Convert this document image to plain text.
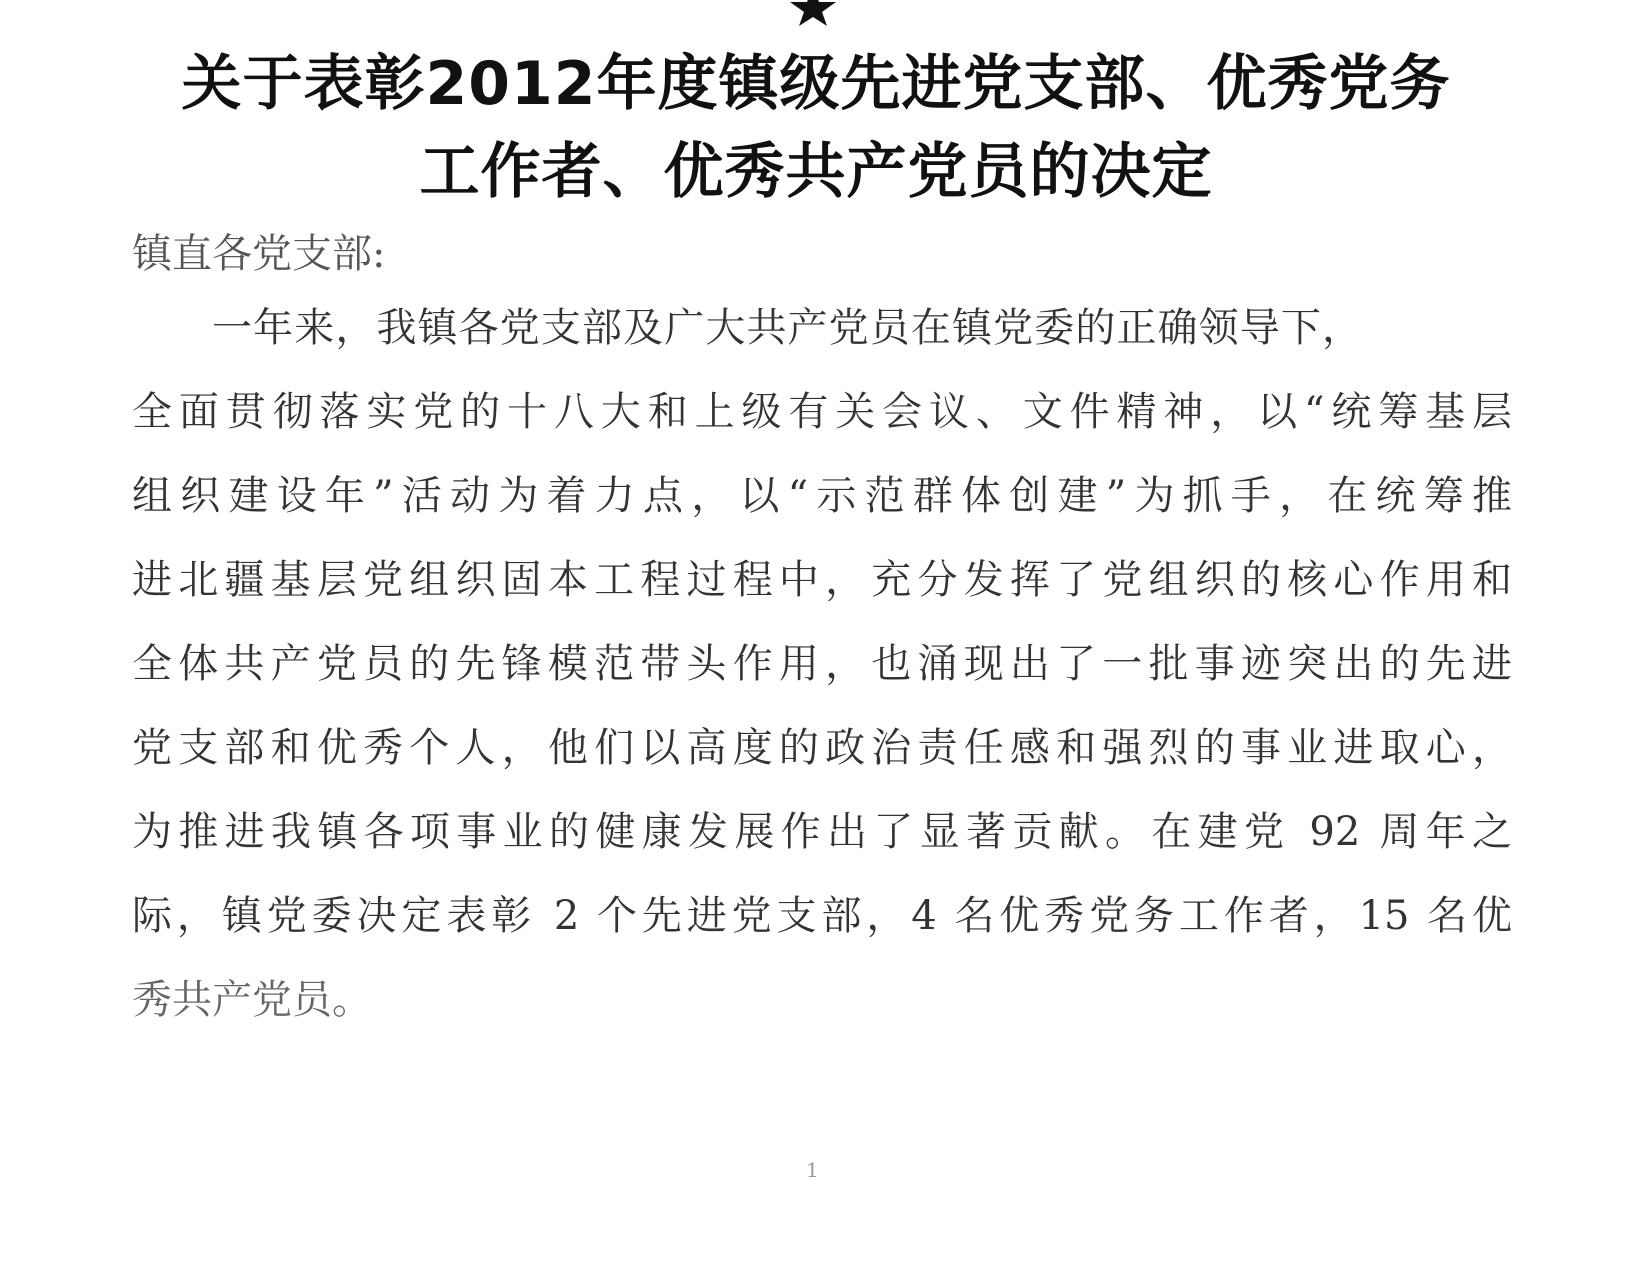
关于表彰2012年度镇级先进党支部、优秀党务
工作者、优秀共产党员的决定
镇直各党支部:
一年来，我镇各党支部及广大共产党员在镇党委的正确领导下，
全面贯彻落实党的十八大和上级有关会议、文件精神，以“统筹基层
组织建设年”活动为着力点，以“示范群体创建”为抓手，在统筹推
进北疆基层党组织固本工程过程中，充分发挥了党组织的核心作用和
全体共产党员的先锋模范带头作用，也涌现出了一批事迹突出的先进
党支部和优秀个人，他们以高度的政治责任感和强烈的事业进取心，
为推进我镇各项事业的健康发展作出了显著贡献。在建党 92 周年之
际，镇党委决定表彰 2 个先进党支部，4 名优秀党务工作者，15 名优
秀共产党员。
1
